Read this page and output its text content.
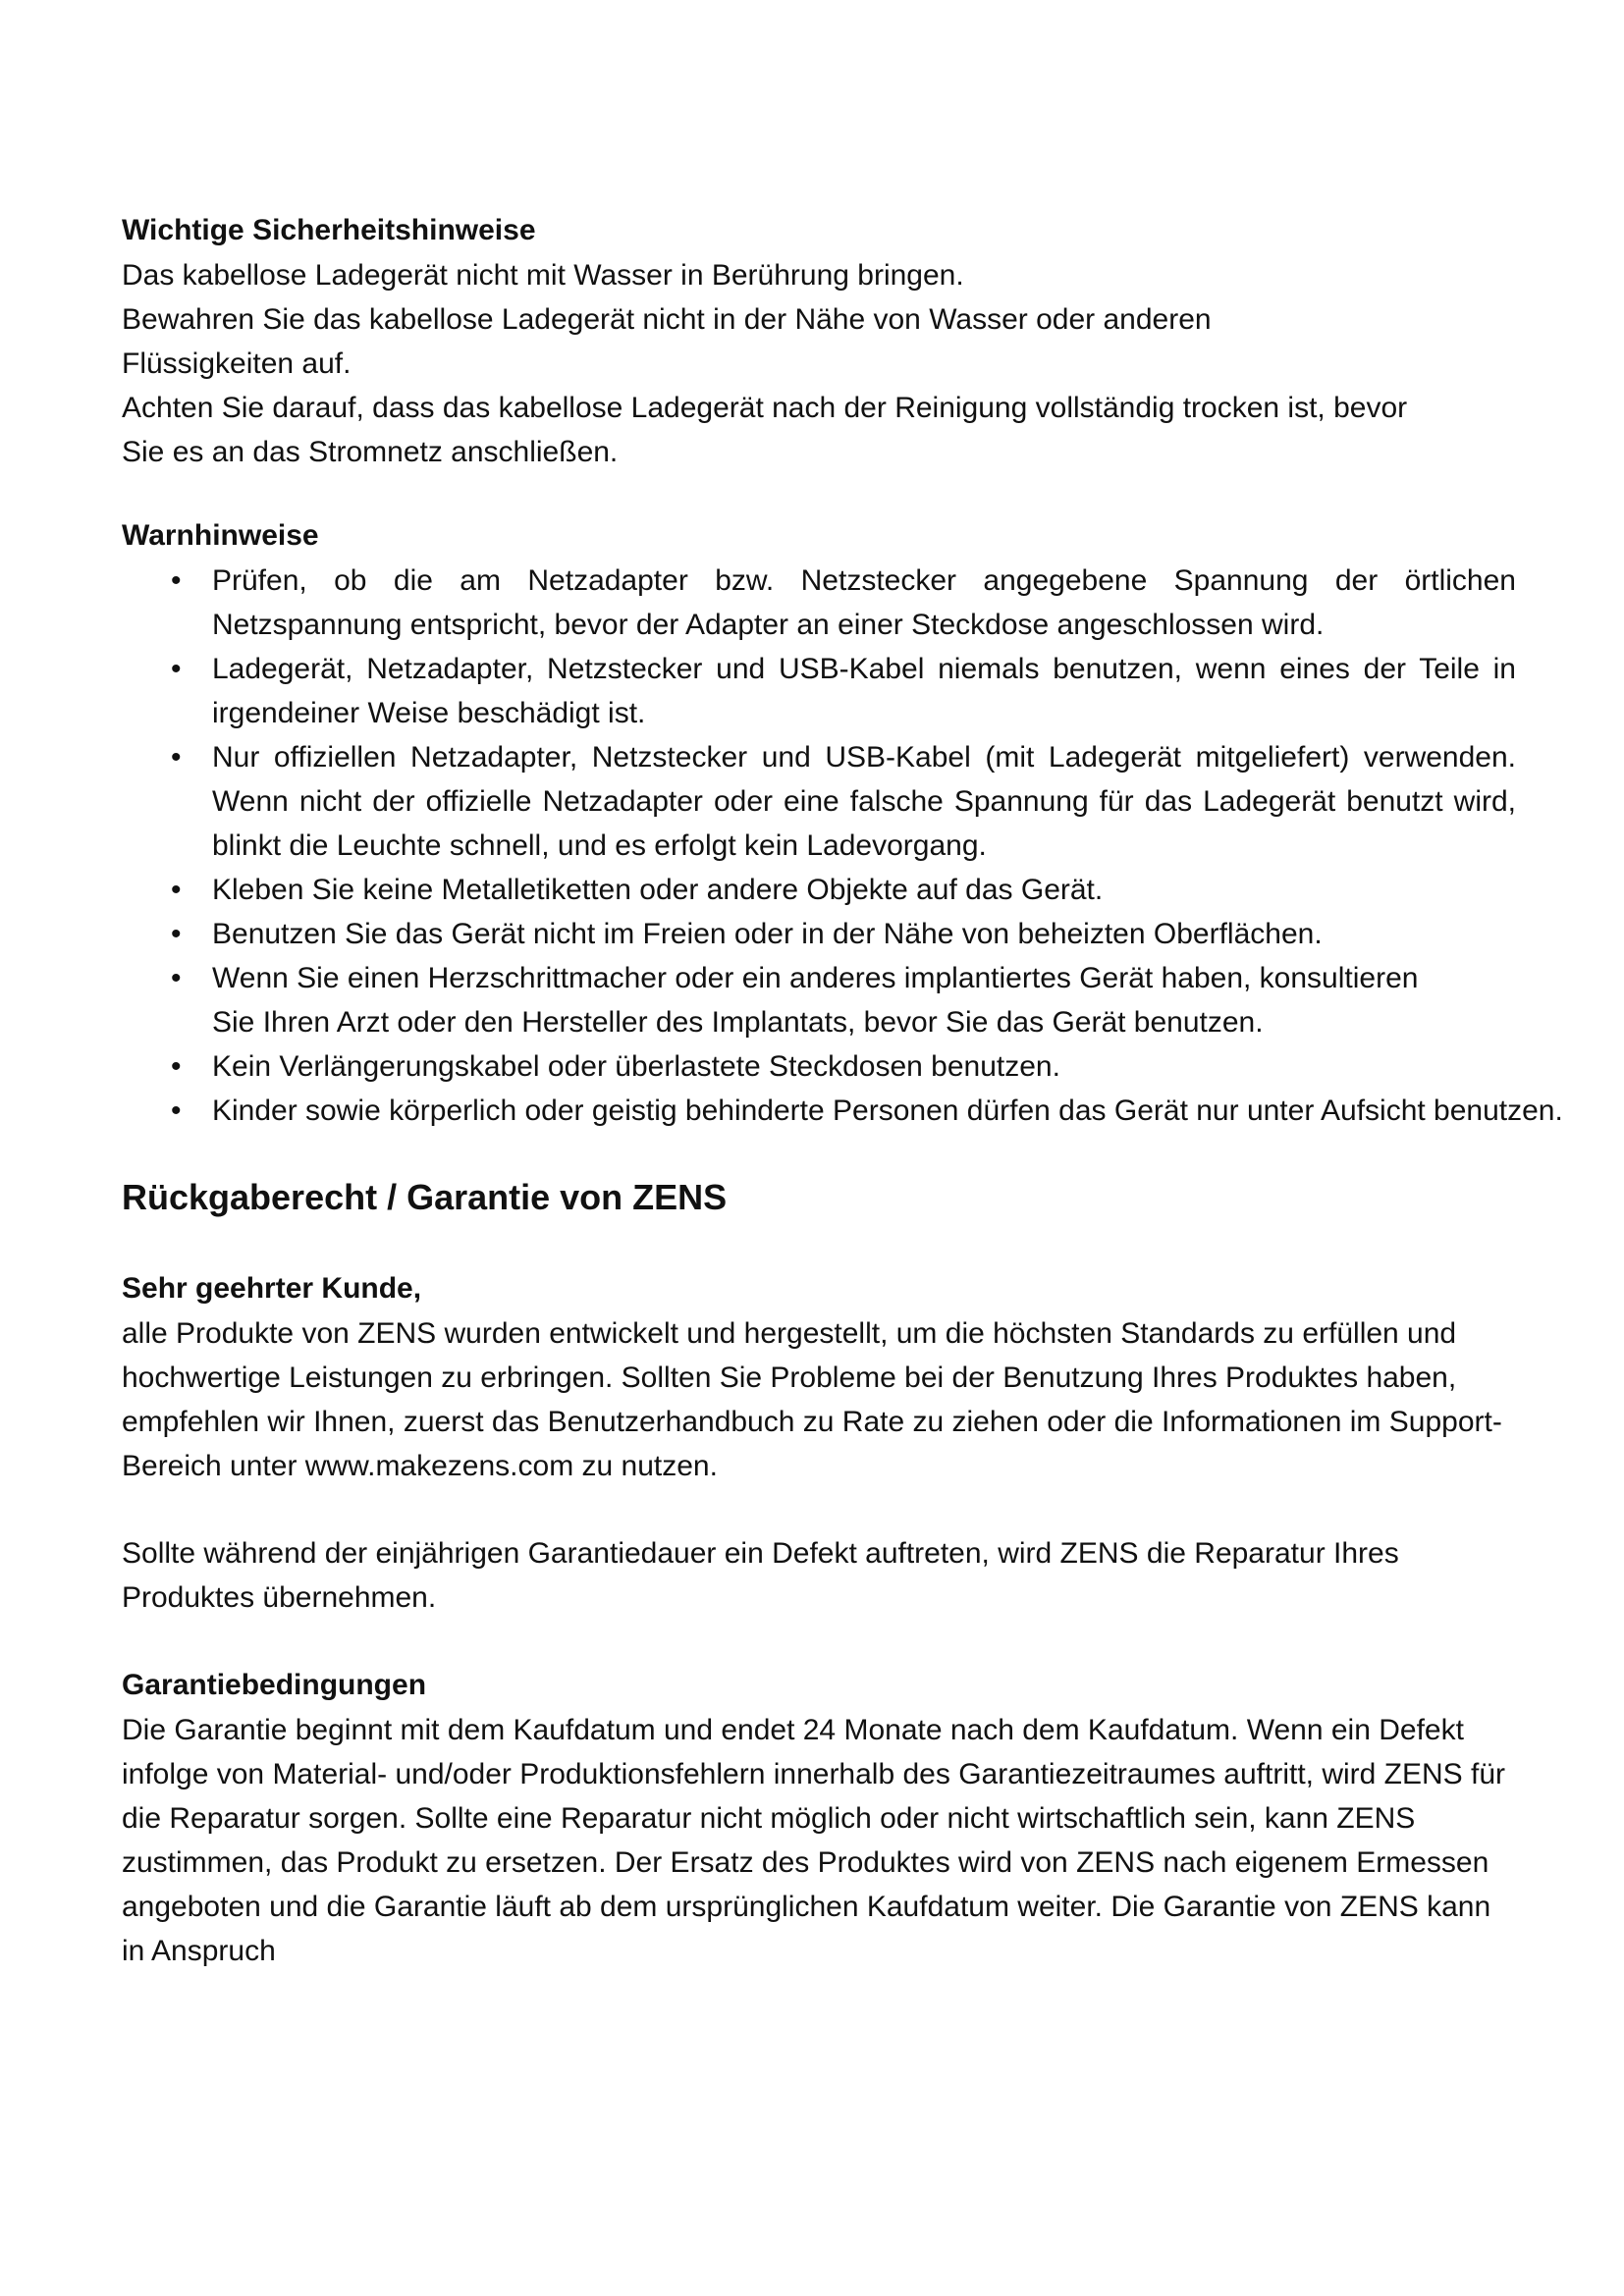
Wichtige Sicherheitshinweise

Das kabellose Ladegerät nicht mit Wasser in Berührung bringen.

Bewahren Sie das kabellose Ladegerät nicht in der Nähe von Wasser oder anderen Flüssigkeiten auf.

Achten Sie darauf, dass das kabellose Ladegerät nach der Reinigung vollständig trocken ist, bevor Sie es an das Stromnetz anschließen.

Warnhinweise

• Prüfen, ob die am Netzadapter bzw. Netzstecker angegebene Spannung der örtlichen Netzspannung entspricht, bevor der Adapter an einer Steckdose angeschlossen wird.
• Ladegerät, Netzadapter, Netzstecker und USB-Kabel niemals benutzen, wenn eines der Teile in irgendeiner Weise beschädigt ist.
• Nur offiziellen Netzadapter, Netzstecker und USB-Kabel (mit Ladegerät mitgeliefert) verwenden. Wenn nicht der offizielle Netzadapter oder eine falsche Spannung für das Ladegerät benutzt wird, blinkt die Leuchte schnell, und es erfolgt kein Ladevorgang.
• Kleben Sie keine Metalletiketten oder andere Objekte auf das Gerät.
• Benutzen Sie das Gerät nicht im Freien oder in der Nähe von beheizten Oberflächen.
• Wenn Sie einen Herzschrittmacher oder ein anderes implantiertes Gerät haben, konsultieren Sie Ihren Arzt oder den Hersteller des Implantats, bevor Sie das Gerät benutzen.
• Kein Verlängerungskabel oder überlastete Steckdosen benutzen.
• Kinder sowie körperlich oder geistig behinderte Personen dürfen das Gerät nur unter Aufsicht benutzen.

Rückgaberecht / Garantie von ZENS

Sehr geehrter Kunde,

alle Produkte von ZENS wurden entwickelt und hergestellt, um die höchsten Standards zu erfüllen und hochwertige Leistungen zu erbringen. Sollten Sie Probleme bei der Benutzung Ihres Produktes haben, empfehlen wir Ihnen, zuerst das Benutzerhandbuch zu Rate zu ziehen oder die Informationen im Support-Bereich unter www.makezens.com zu nutzen.

Sollte während der einjährigen Garantiedauer ein Defekt auftreten, wird ZENS die Reparatur Ihres Produktes übernehmen.

Garantiebedingungen

Die Garantie beginnt mit dem Kaufdatum und endet 24 Monate nach dem Kaufdatum. Wenn ein Defekt infolge von Material- und/oder Produktionsfehlern innerhalb des Garantiezeitraumes auftritt, wird ZENS für die Reparatur sorgen. Sollte eine Reparatur nicht möglich oder nicht wirtschaftlich sein, kann ZENS zustimmen, das Produkt zu ersetzen. Der Ersatz des Produktes wird von ZENS nach eigenem Ermessen angeboten und die Garantie läuft ab dem ursprünglichen Kaufdatum weiter. Die Garantie von ZENS kann in Anspruch
